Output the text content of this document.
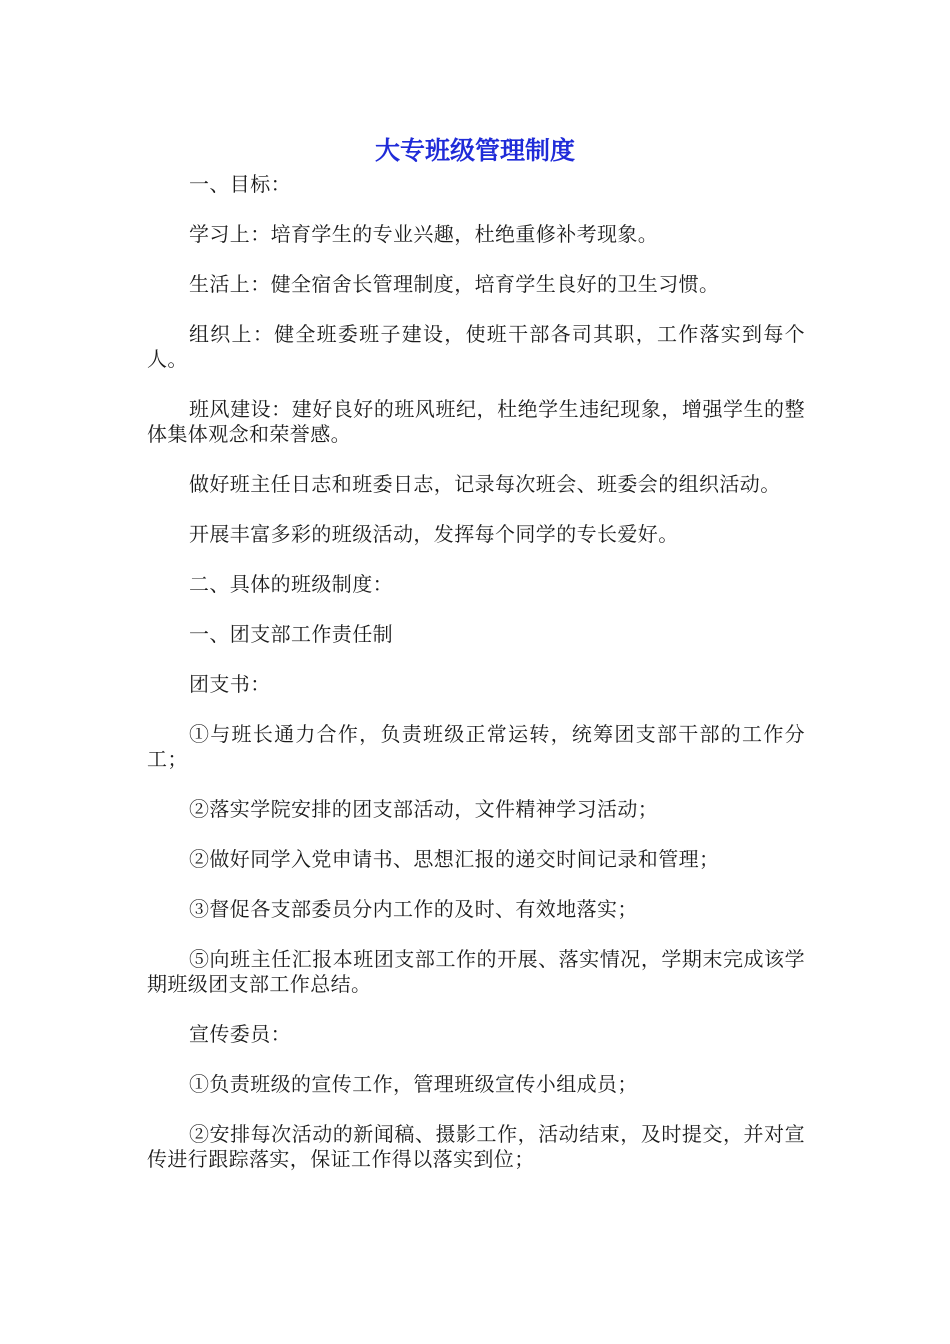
大专班级管理制度

一、目标：

学习上：培育学生的专业兴趣，杜绝重修补考现象。

生活上：健全宿舍长管理制度，培育学生良好的卫生习惯。

组织上：健全班委班子建设，使班干部各司其职，工作落实到每个人。

班风建设：建好良好的班风班纪，杜绝学生违纪现象，增强学生的整体集体观念和荣誉感。

做好班主任日志和班委日志，记录每次班会、班委会的组织活动。

开展丰富多彩的班级活动，发挥每个同学的专长爱好。

二、具体的班级制度：

一、团支部工作责任制

团支书：

①与班长通力合作，负责班级正常运转，统筹团支部干部的工作分工；

②落实学院安排的团支部活动，文件精神学习活动；

②做好同学入党申请书、思想汇报的递交时间记录和管理；

③督促各支部委员分内工作的及时、有效地落实；

⑤向班主任汇报本班团支部工作的开展、落实情况，学期末完成该学期班级团支部工作总结。

宣传委员：

①负责班级的宣传工作，管理班级宣传小组成员；

②安排每次活动的新闻稿、摄影工作，活动结束，及时提交，并对宣传进行跟踪落实，保证工作得以落实到位；
